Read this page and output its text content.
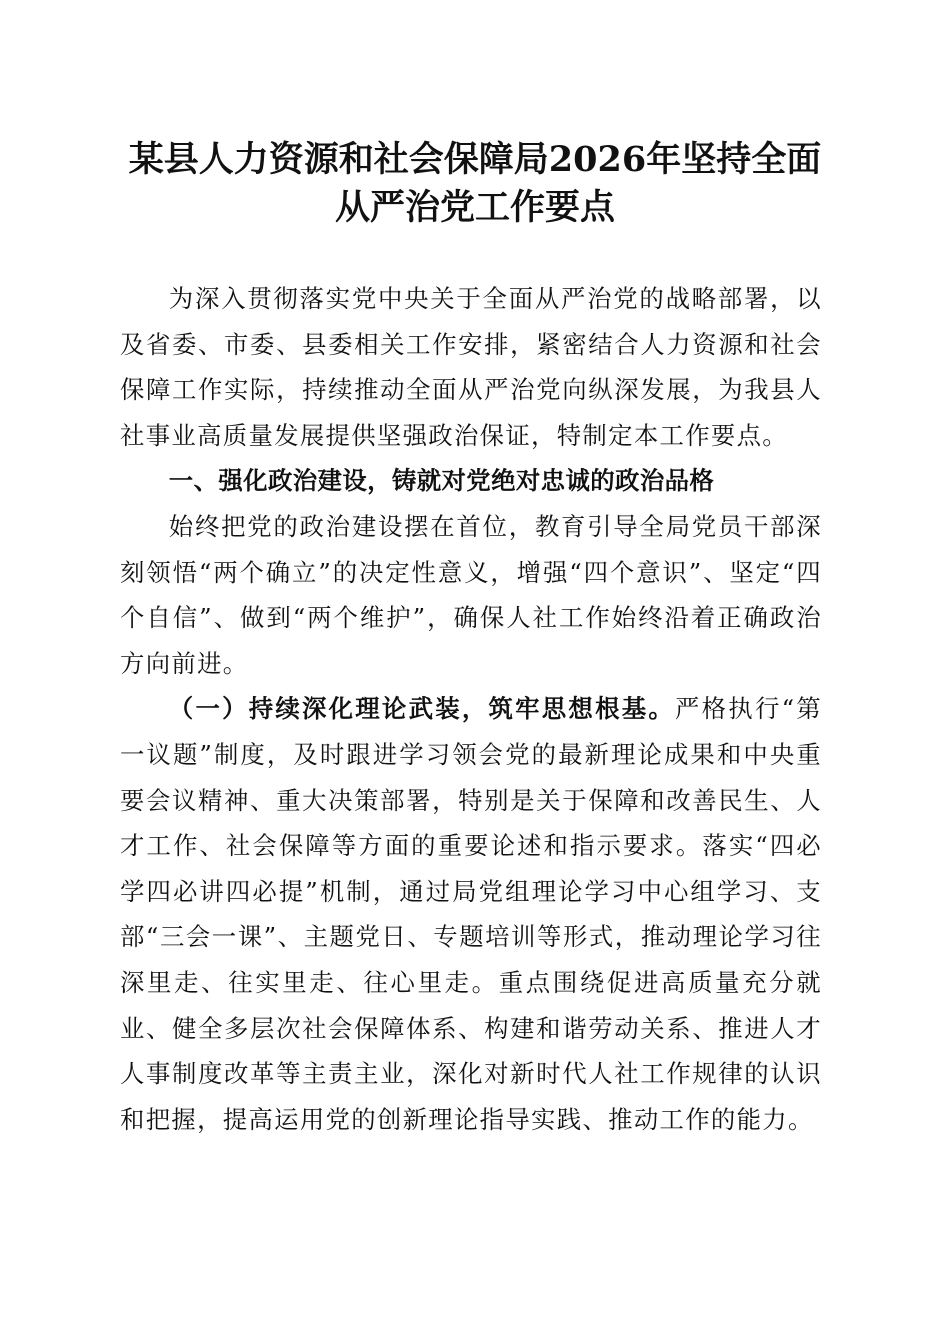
某县人力资源和社会保障局2026年坚持全面
从严治党工作要点

为深入贯彻落实党中央关于全面从严治党的战略部署，以及省委、市委、县委相关工作安排，紧密结合人力资源和社会保障工作实际，持续推动全面从严治党向纵深发展，为我县人社事业高质量发展提供坚强政治保证，特制定本工作要点。

一、强化政治建设，铸就对党绝对忠诚的政治品格

始终把党的政治建设摆在首位，教育引导全局党员干部深刻领悟“两个确立”的决定性意义，增强“四个意识”、坚定“四个自信”、做到“两个维护”，确保人社工作始终沿着正确政治方向前进。

（一）持续深化理论武装，筑牢思想根基。严格执行“第一议题”制度，及时跟进学习领会党的最新理论成果和中央重要会议精神、重大决策部署，特别是关于保障和改善民生、人才工作、社会保障等方面的重要论述和指示要求。落实“四必学四必讲四必提”机制，通过局党组理论学习中心组学习、支部“三会一课”、主题党日、专题培训等形式，推动理论学习往深里走、往实里走、往心里走。重点围绕促进高质量充分就业、健全多层次社会保障体系、构建和谐劳动关系、推进人才人事制度改革等主责主业，深化对新时代人社工作规律的认识和把握，提高运用党的创新理论指导实践、推动工作的能力。
